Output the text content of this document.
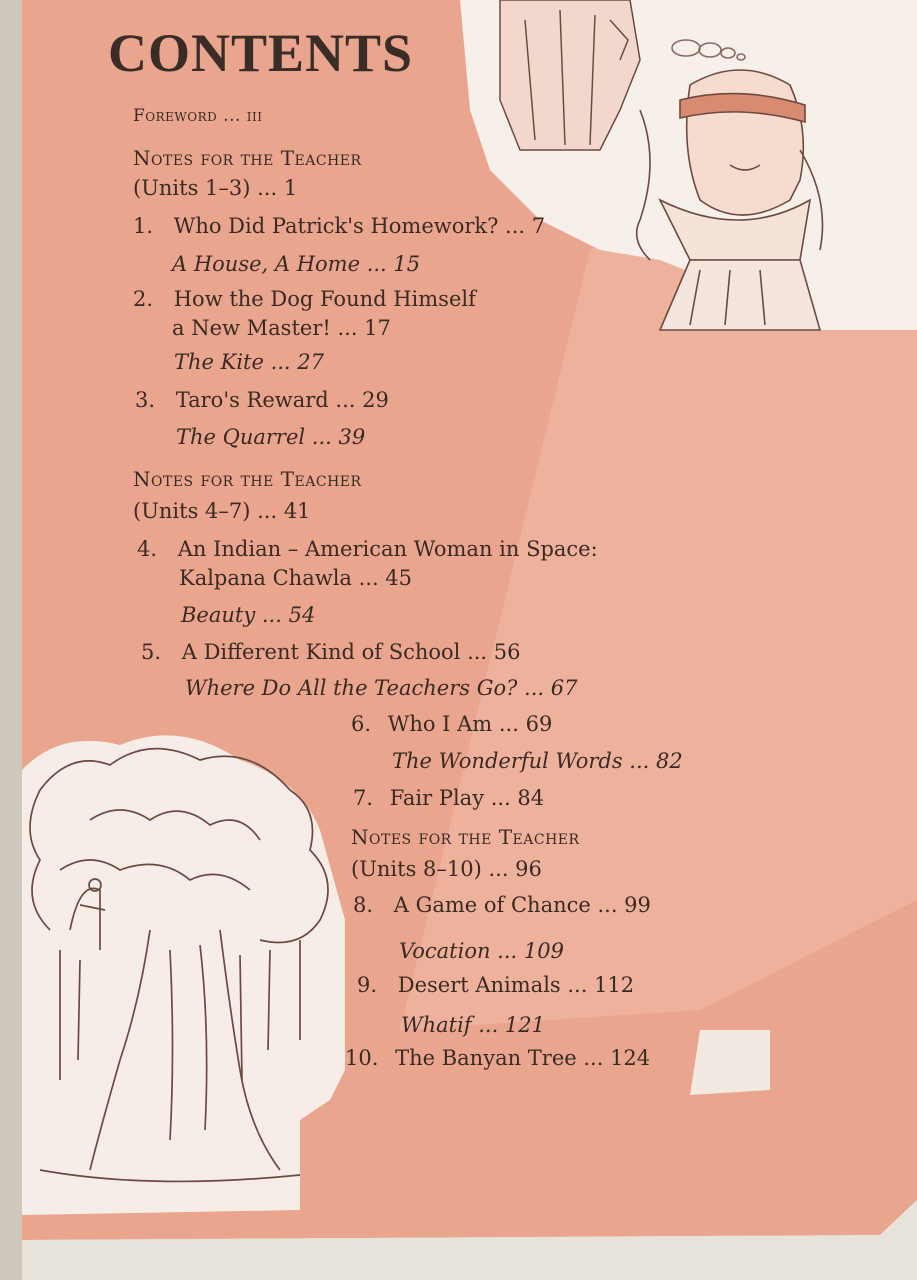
CONTENTS
Foreword ... iii
Notes for the Teacher
(Units 1–3) ... 1
1. Who Did Patrick's Homework? ... 7
A House, A Home ... 15
2. How the Dog Found Himself
a New Master! ... 17
The Kite ... 27
3. Taro's Reward ... 29
The Quarrel ... 39
Notes for the Teacher
(Units 4–7) ... 41
4. An Indian – American Woman in Space:
Kalpana Chawla ... 45
Beauty ... 54
5. A Different Kind of School ... 56
Where Do All the Teachers Go? ... 67
6. Who I Am ... 69
The Wonderful Words ... 82
7. Fair Play ... 84
Notes for the Teacher
(Units 8–10) ... 96
8. A Game of Chance ... 99
Vocation ... 109
9. Desert Animals ... 112
Whatif ... 121
10. The Banyan Tree ... 124
